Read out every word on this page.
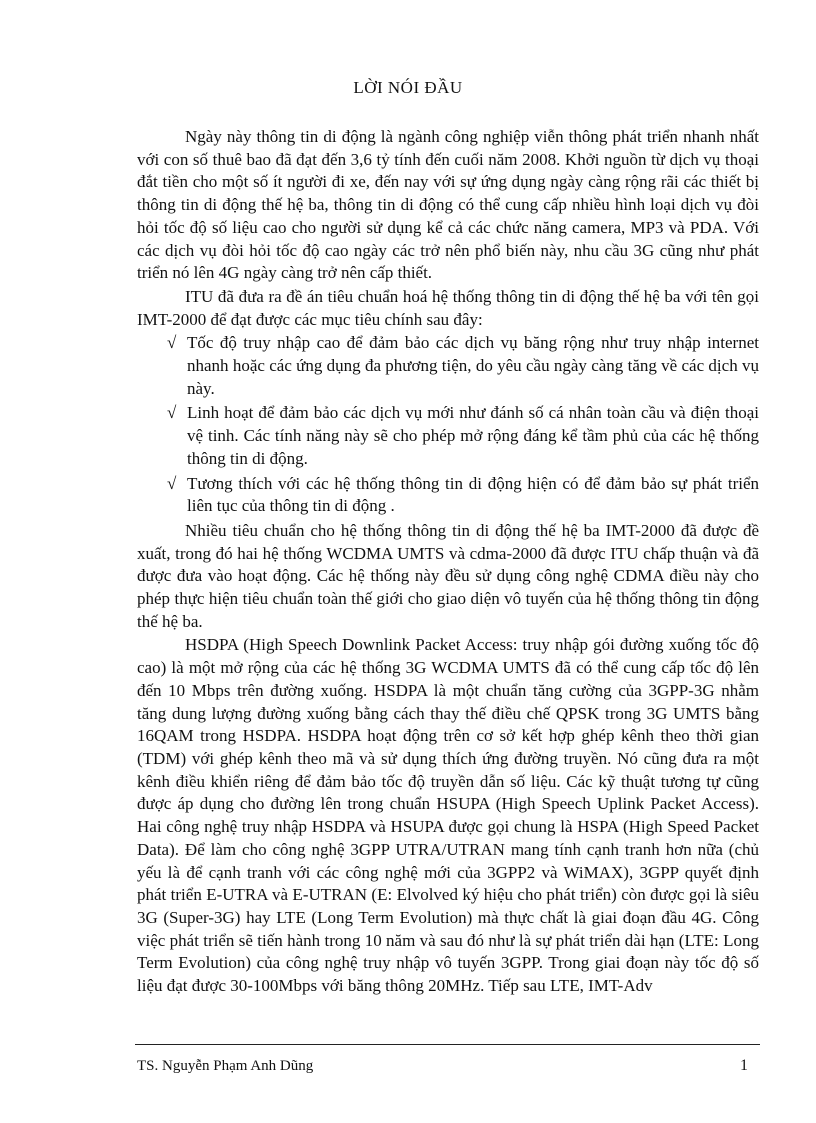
LỜI NÓI ĐẦU

Ngày này thông tin di động là ngành công nghiệp viễn thông phát triển nhanh nhất với con số thuê bao đã đạt đến 3,6 tỷ tính đến cuối năm 2008. Khởi nguồn từ dịch vụ thoại đắt tiền cho một số ít người đi xe, đến nay với sự ứng dụng ngày càng rộng rãi các thiết bị thông tin di động thế hệ ba, thông tin di động có thể cung cấp nhiều hình loại dịch vụ đòi hỏi tốc độ số liệu cao cho người sử dụng kể cả các chức năng camera, MP3 và PDA. Với các dịch vụ đòi hỏi tốc độ cao ngày các trở nên phổ biến này, nhu cầu 3G cũng như phát triển nó lên 4G ngày càng trở nên cấp thiết.

ITU đã đưa ra đề án tiêu chuẩn hoá hệ thống thông tin di động thế hệ ba với tên gọi IMT-2000 để đạt được các mục tiêu chính sau đây:

√ Tốc độ truy nhập cao để đảm bảo các dịch vụ băng rộng như truy nhập internet nhanh hoặc các ứng dụng đa phương tiện, do yêu cầu ngày càng tăng về các dịch vụ này.
√ Linh hoạt để đảm bảo các dịch vụ mới như đánh số cá nhân toàn cầu và điện thoại vệ tinh. Các tính năng này sẽ cho phép mở rộng đáng kể tầm phủ của các hệ thống thông tin di động.
√ Tương thích với các hệ thống thông tin di động hiện có để đảm bảo sự phát triển liên tục của thông tin di động .

Nhiều tiêu chuẩn cho hệ thống thông tin di động thế hệ ba IMT-2000 đã được đề xuất, trong đó hai hệ thống WCDMA UMTS và cdma-2000 đã được ITU chấp thuận và đã được đưa vào hoạt động. Các hệ thống này đều sử dụng công nghệ CDMA điều này cho phép thực hiện tiêu chuẩn toàn thế giới cho giao diện vô tuyến của hệ thống thông tin động thế hệ ba.

HSDPA (High Speech Downlink Packet Access: truy nhập gói đường xuống tốc độ cao) là một mở rộng của các hệ thống 3G WCDMA UMTS đã có thể cung cấp tốc độ lên đến 10 Mbps trên đường xuống. HSDPA là một chuẩn tăng cường của 3GPP-3G nhằm tăng dung lượng đường xuống bằng cách thay thế điều chế QPSK trong 3G UMTS bằng 16QAM trong HSDPA. HSDPA hoạt động trên cơ sở kết hợp ghép kênh theo thời gian (TDM) với ghép kênh theo mã và sử dụng thích ứng đường truyền. Nó cũng đưa ra một kênh điều khiển riêng để đảm bảo tốc độ truyền dẫn số liệu. Các kỹ thuật tương tự cũng được áp dụng cho đường lên trong chuẩn HSUPA (High Speech Uplink Packet Access). Hai công nghệ truy nhập HSDPA và HSUPA được gọi chung là HSPA (High Speed Packet Data). Để làm cho công nghệ 3GPP UTRA/UTRAN mang tính cạnh tranh hơn nữa (chủ yếu là để cạnh tranh với các công nghệ mới của 3GPP2 và WiMAX), 3GPP quyết định phát triển E-UTRA và E-UTRAN (E: Elvolved ký hiệu cho phát triển) còn được gọi là siêu 3G (Super-3G) hay LTE (Long Term Evolution) mà thực chất là giai đoạn đầu 4G. Công việc phát triển sẽ tiến hành trong 10 năm và sau đó như là sự phát triển dài hạn (LTE: Long Term Evolution) của công nghệ truy nhập vô tuyến 3GPP. Trong giai đoạn này tốc độ số liệu đạt được 30-100Mbps với băng thông 20MHz. Tiếp sau LTE, IMT-Adv

TS. Nguyễn Phạm Anh Dũng	1
